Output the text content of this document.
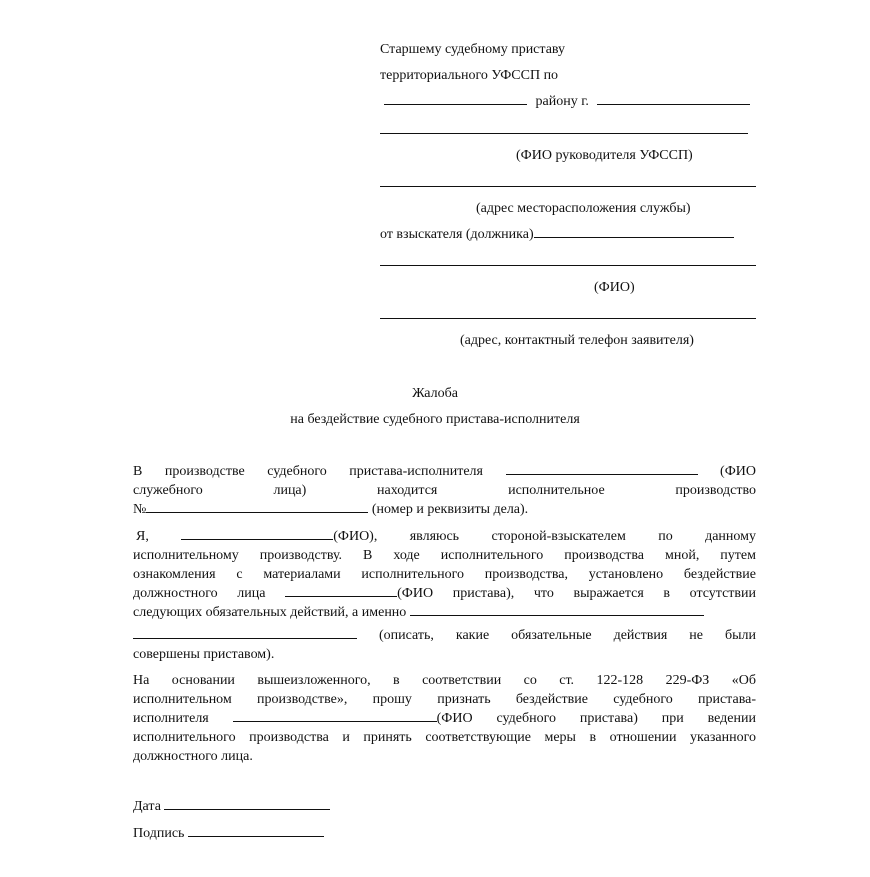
Старшему судебному приставу
территориального УФССП по
району г.
(ФИО руководителя УФССП)
(адрес месторасположения службы)
от взыскателя (должника)
(ФИО)
(адрес, контактный телефон заявителя)
Жалоба
на бездействие судебного пристава-исполнителя
В производстве судебного пристава-исполнителя	(ФИО
служебного лица) находится исполнительное производство
№	(номер и реквизиты дела).
Я,	(ФИО), являюсь стороной-взыскателем по данному
исполнительному производству. В ходе исполнительного производства мной, путем
ознакомления с материалами исполнительного производства, установлено бездействие
должностного лица	(ФИО пристава), что выражается в отсутствии
следующих обязательных действий, а именно
(описать, какие обязательные действия не были
совершены приставом).
На основании вышеизложенного, в соответствии со ст. 122-128 229-ФЗ «Об
исполнительном производстве», прошу признать бездействие судебного пристава-
исполнителя	(ФИО судебного пристава) при ведении
исполнительного производства и принять соответствующие меры в отношении указанного
должностного лица.
Дата
Подпись
